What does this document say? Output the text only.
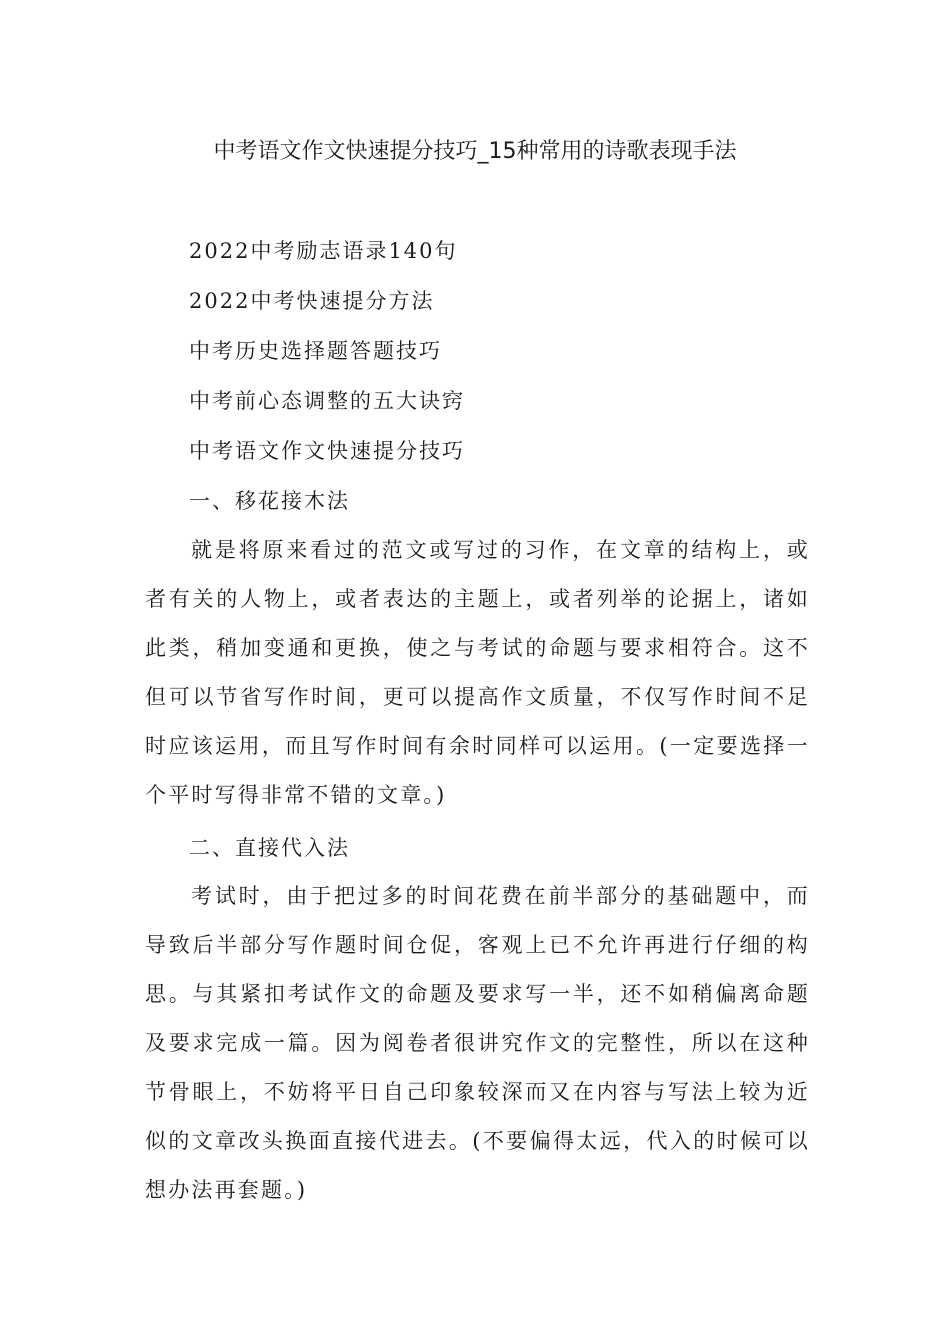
中考语文作文快速提分技巧_15种常用的诗歌表现手法
2022中考励志语录140句
2022中考快速提分方法
中考历史选择题答题技巧
中考前心态调整的五大诀窍
中考语文作文快速提分技巧
一、移花接木法

就是将原来看过的范文或写过的习作，在文章的结构上，或者有关的人物上，或者表达的主题上，或者列举的论据上，诸如此类，稍加变通和更换，使之与考试的命题与要求相符合。这不但可以节省写作时间，更可以提高作文质量，不仅写作时间不足时应该运用，而且写作时间有余时同样可以运用。(一定要选择一个平时写得非常不错的文章。)

二、直接代入法

考试时，由于把过多的时间花费在前半部分的基础题中，而导致后半部分写作题时间仓促，客观上已不允许再进行仔细的构思。与其紧扣考试作文的命题及要求写一半，还不如稍偏离命题及要求完成一篇。因为阅卷者很讲究作文的完整性，所以在这种节骨眼上，不妨将平日自己印象较深而又在内容与写法上较为近似的文章改头换面直接代进去。(不要偏得太远，代入的时候可以想办法再套题。)
